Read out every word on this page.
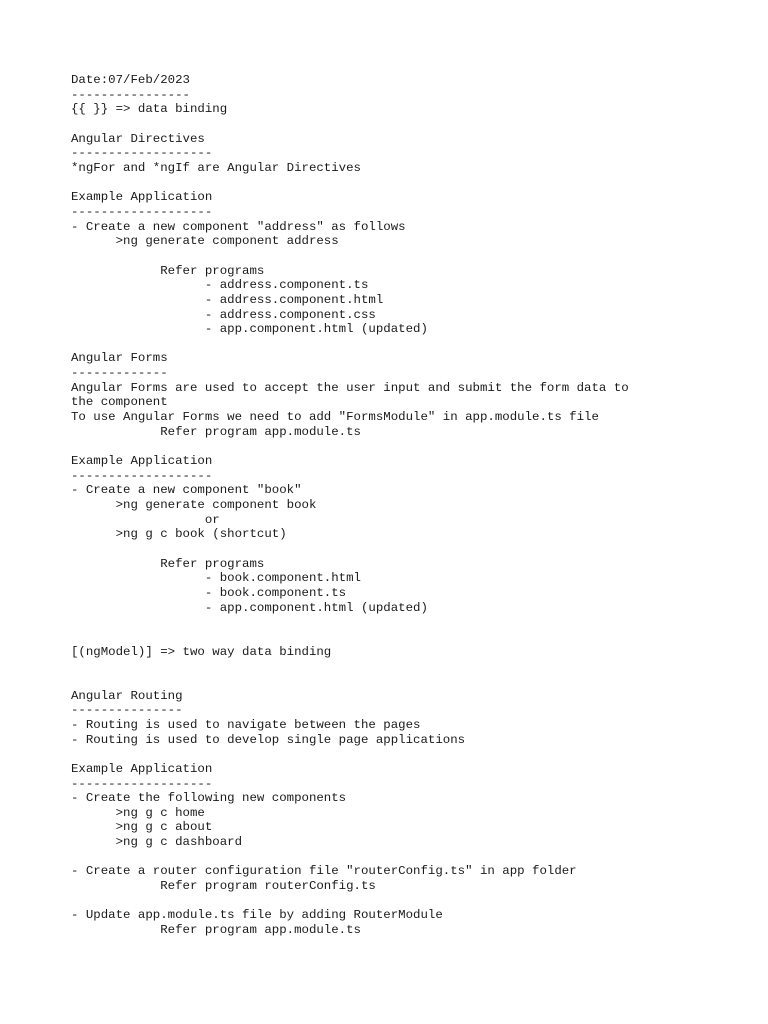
Date:07/Feb/2023
----------------
{{ }} => data binding
Angular Directives
-------------------
*ngFor and *ngIf are Angular Directives
Example Application
-------------------
- Create a new component "address" as follows
>ng generate component address
Refer programs
- address.component.ts
- address.component.html
- address.component.css
- app.component.html (updated)
Angular Forms
-------------
Angular Forms are used to accept the user input and submit the form data to
the component
To use Angular Forms we need to add "FormsModule" in app.module.ts file
Refer program app.module.ts
Example Application
-------------------
- Create a new component "book"
>ng generate component book
or
>ng g c book (shortcut)
Refer programs
- book.component.html
- book.component.ts
- app.component.html (updated)
[(ngModel)] => two way data binding
Angular Routing
---------------
- Routing is used to navigate between the pages
- Routing is used to develop single page applications
Example Application
-------------------
- Create the following new components
>ng g c home
>ng g c about
>ng g c dashboard
- Create a router configuration file "routerConfig.ts" in app folder
Refer program routerConfig.ts
- Update app.module.ts file by adding RouterModule
Refer program app.module.ts
